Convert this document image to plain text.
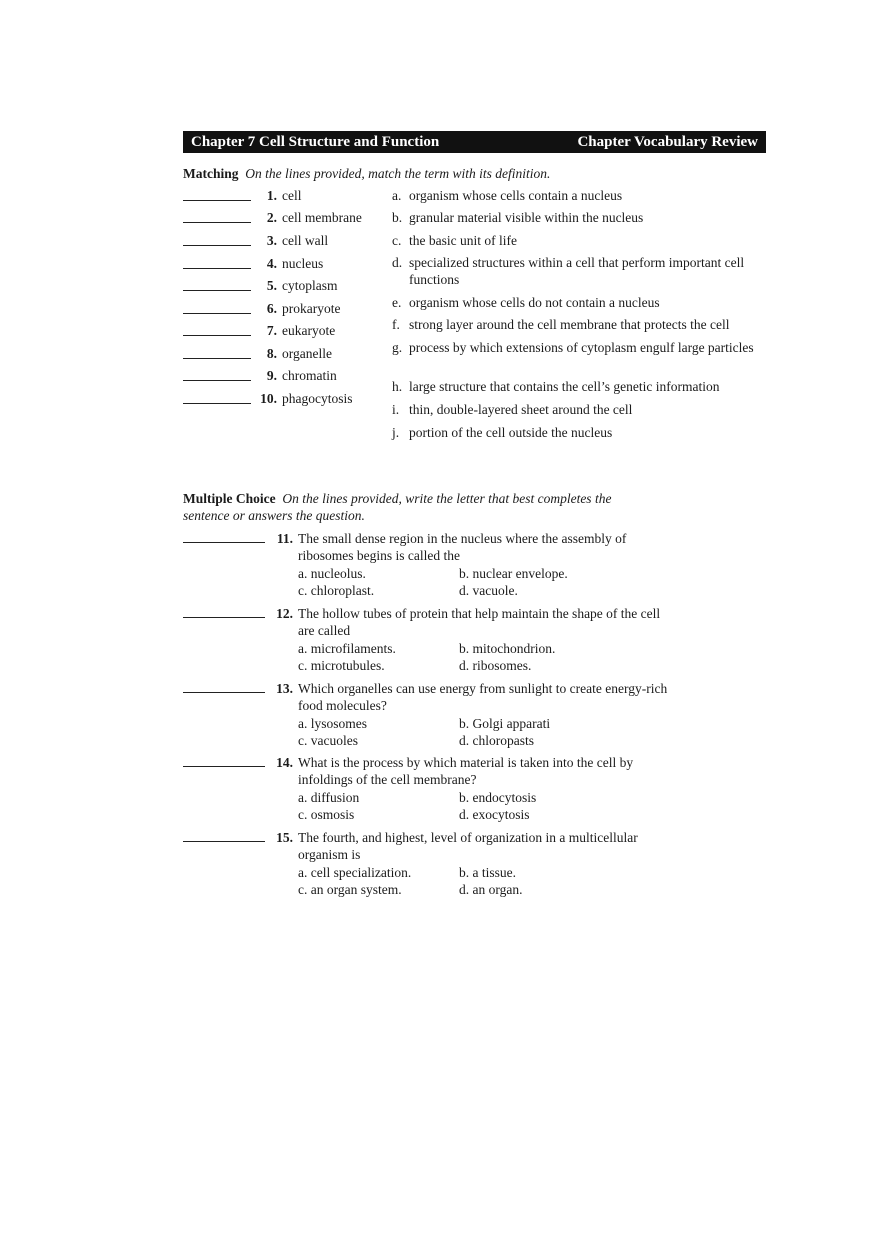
Chapter 7 Cell Structure and Function	Chapter Vocabulary Review
Matching On the lines provided, match the term with its definition.
1. cell
2. cell membrane
3. cell wall
4. nucleus
5. cytoplasm
6. prokaryote
7. eukaryote
8. organelle
9. chromatin
10. phagocytosis
a. organism whose cells contain a nucleus
b. granular material visible within the nucleus
c. the basic unit of life
d. specialized structures within a cell that perform important cell functions
e. organism whose cells do not contain a nucleus
f. strong layer around the cell membrane that protects the cell
g. process by which extensions of cytoplasm engulf large particles
h. large structure that contains the cell’s genetic information
i. thin, double-layered sheet around the cell
j. portion of the cell outside the nucleus
Multiple Choice On the lines provided, write the letter that best completes the sentence or answers the question.
11. The small dense region in the nucleus where the assembly of ribosomes begins is called the
a. nucleolus.	b. nuclear envelope.
c. chloroplast.	d. vacuole.
12. The hollow tubes of protein that help maintain the shape of the cell are called
a. microfilaments.	b. mitochondrion.
c. microtubules.	d. ribosomes.
13. Which organelles can use energy from sunlight to create energy-rich food molecules?
a. lysosomes	b. Golgi apparati
c. vacuoles	d. chloropasts
14. What is the process by which material is taken into the cell by infoldings of the cell membrane?
a. diffusion	b. endocytosis
c. osmosis	d. exocytosis
15. The fourth, and highest, level of organization in a multicellular organism is
a. cell specialization.	b. a tissue.
c. an organ system.	d. an organ.
